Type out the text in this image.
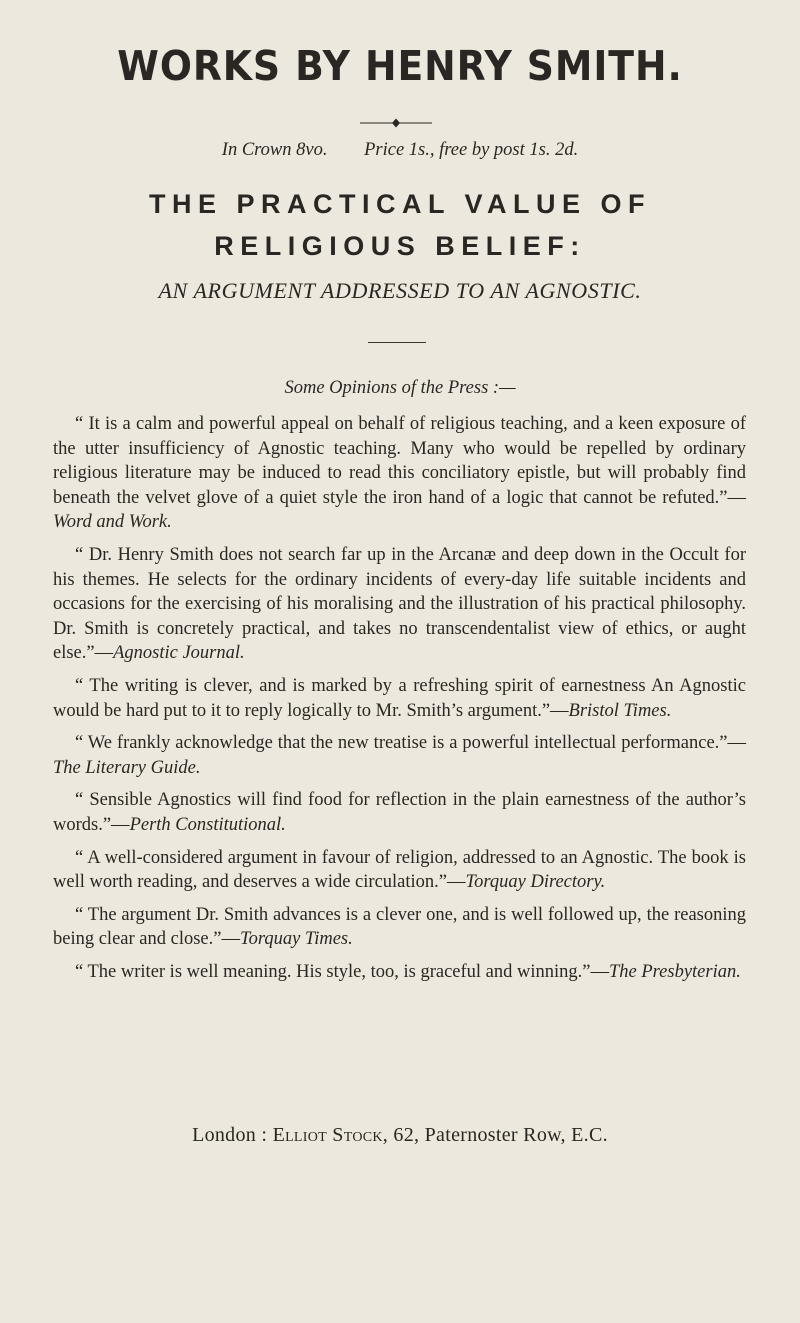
WORKS BY HENRY SMITH.
In Crown 8vo. Price 1s., free by post 1s. 2d.
THE PRACTICAL VALUE OF
RELIGIOUS BELIEF:
AN ARGUMENT ADDRESSED TO AN AGNOSTIC.
Some Opinions of the Press :—

“ It is a calm and powerful appeal on behalf of religious teaching, and a keen exposure of the utter insufficiency of Agnostic teaching. Many who would be repelled by ordinary religious literature may be induced to read this conciliatory epistle, but will probably find beneath the velvet glove of a quiet style the iron hand of a logic that cannot be refuted.”—Word and Work.

“ Dr. Henry Smith does not search far up in the Arcanæ and deep down in the Occult for his themes. He selects for the ordinary incidents of every-day life suitable incidents and occasions for the exercising of his moralising and the illustration of his practical philosophy. Dr. Smith is concretely practical, and takes no transcendentalist view of ethics, or aught else.”—Agnostic Journal.

“ The writing is clever, and is marked by a refreshing spirit of earnestness An Agnostic would be hard put to it to reply logically to Mr. Smith’s argument.”—Bristol Times.

“ We frankly acknowledge that the new treatise is a powerful intellectual performance.”—The Literary Guide.

“ Sensible Agnostics will find food for reflection in the plain earnestness of the author’s words.”—Perth Constitutional.

“ A well-considered argument in favour of religion, addressed to an Agnostic. The book is well worth reading, and deserves a wide circulation.”—Torquay Directory.

“ The argument Dr. Smith advances is a clever one, and is well followed up, the reasoning being clear and close.”—Torquay Times.

“ The writer is well meaning. His style, too, is graceful and winning.”—The Presbyterian.

London : Elliot Stock, 62, Paternoster Row, E.C.
